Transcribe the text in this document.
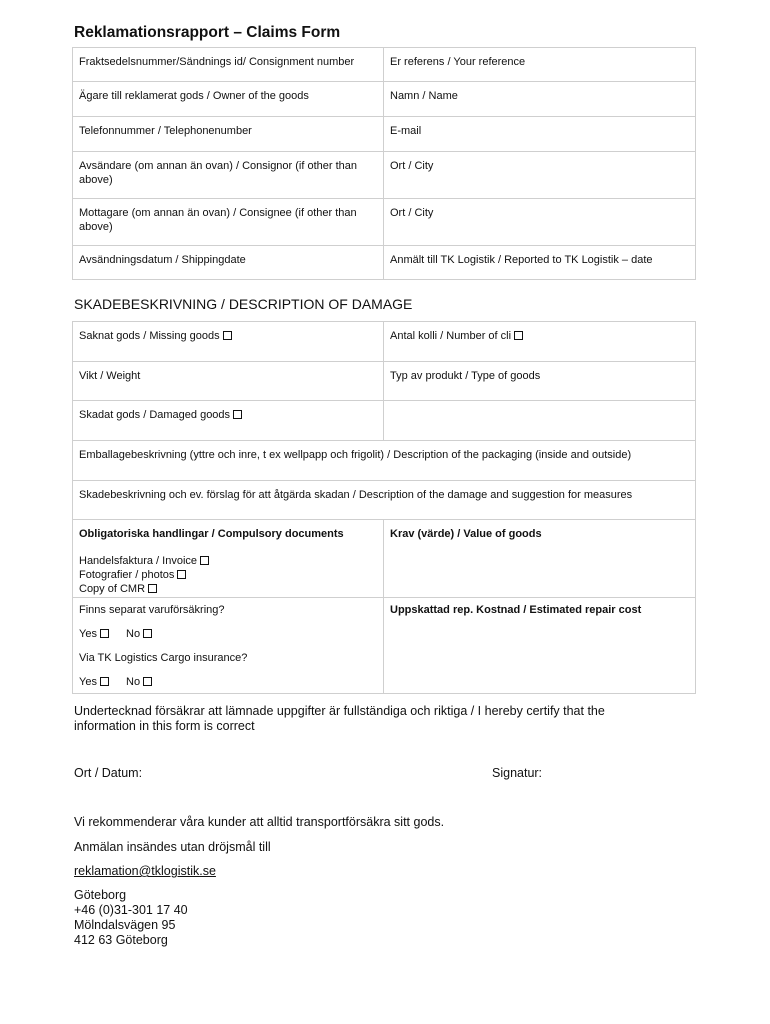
Reklamationsrapport – Claims Form
Fraktsedelsnummer/Sändnings id/ Consignment number	Er referens / Your reference
Ägare till reklamerat gods / Owner of the goods	Namn / Name
Telefonnummer / Telephonenumber	E-mail
Avsändare (om annan än ovan) / Consignor (if other than above)	Ort / City
Mottagare (om annan än ovan) / Consignee (if other than above)	Ort / City
Avsändningsdatum / Shippingdate	Anmält till TK Logistik / Reported to TK Logistik – date
SKADEBESKRIVNING / DESCRIPTION OF DAMAGE
Saknat gods / Missing goods	Antal kolli / Number of cli
Vikt / Weight	Typ av produkt / Type of goods
Skadat gods / Damaged goods	
Emballagebeskrivning (yttre och inre, t ex wellpapp och frigolit) / Description of the packaging (inside and outside)	
Skadebeskrivning och ev. förslag för att åtgärda skadan / Description of the damage and suggestion for measures	

Obligatoriska handlingar / Compulsory documents
Handelsfaktura / Invoice
Fotografier / photos
Copy of CMR	Krav (värde) / Value of goods

Finns separat varuförsäkring?
Yes No
Via TK Logistics Cargo insurance?
Yes No	Uppskattad rep. Kostnad / Estimated repair cost
Undertecknad försäkrar att lämnade uppgifter är fullständiga och riktiga / I hereby certify that the information in this form is correct
Ort / Datum:	Signatur:
Vi rekommenderar våra kunder att alltid transportförsäkra sitt gods.
Anmälan insändes utan dröjsmål till
reklamation@tklogistik.se
Göteborg
+46 (0)31-301 17 40
Mölndalsvägen 95
412 63 Göteborg
